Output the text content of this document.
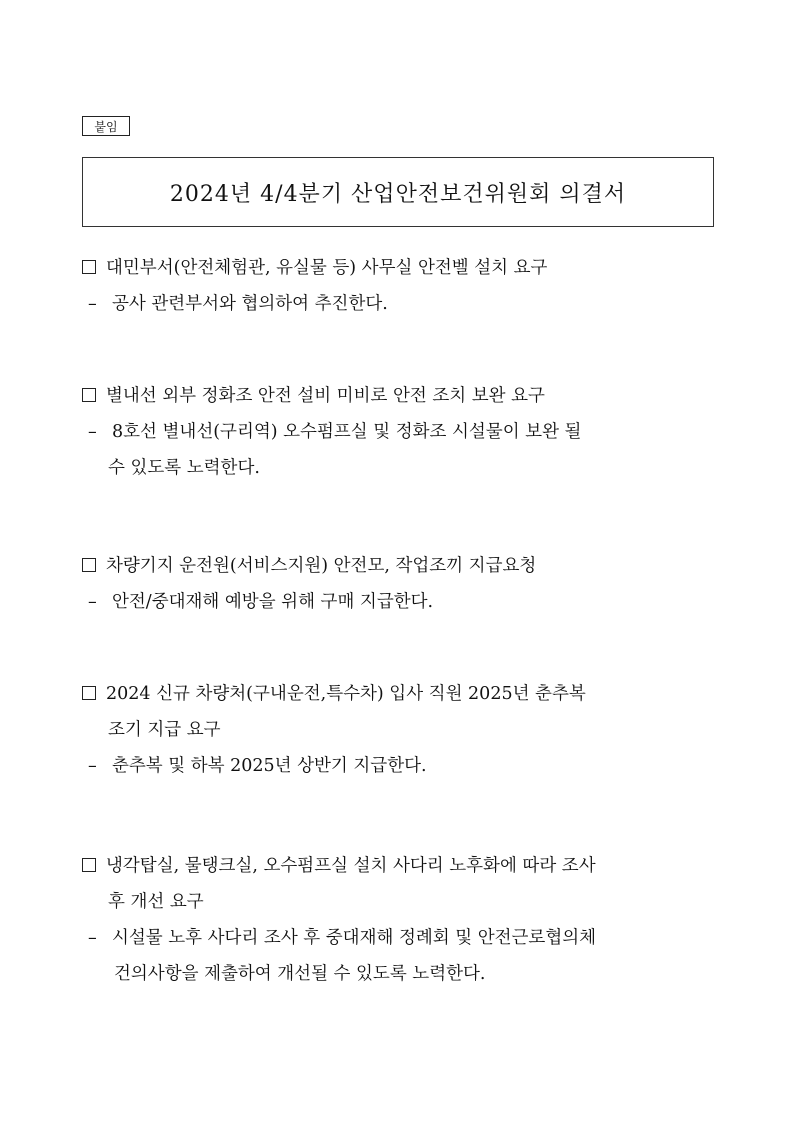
붙임
2024년 4/4분기 산업안전보건위원회 의결서
대민부서(안전체험관, 유실물 등) 사무실 안전벨 설치 요구
– 공사 관련부서와 협의하여 추진한다.
별내선 외부 정화조 안전 설비 미비로 안전 조치 보완 요구
– 8호선 별내선(구리역) 오수펌프실 및 정화조 시설물이 보완 될
수 있도록 노력한다.
차량기지 운전원(서비스지원) 안전모, 작업조끼 지급요청
– 안전/중대재해 예방을 위해 구매 지급한다.
2024 신규 차량처(구내운전,특수차) 입사 직원 2025년 춘추복
조기 지급 요구
– 춘추복 및 하복 2025년 상반기 지급한다.
냉각탑실, 물탱크실, 오수펌프실 설치 사다리 노후화에 따라 조사
후 개선 요구
– 시설물 노후 사다리 조사 후 중대재해 정례회 및 안전근로협의체
건의사항을 제출하여 개선될 수 있도록 노력한다.
